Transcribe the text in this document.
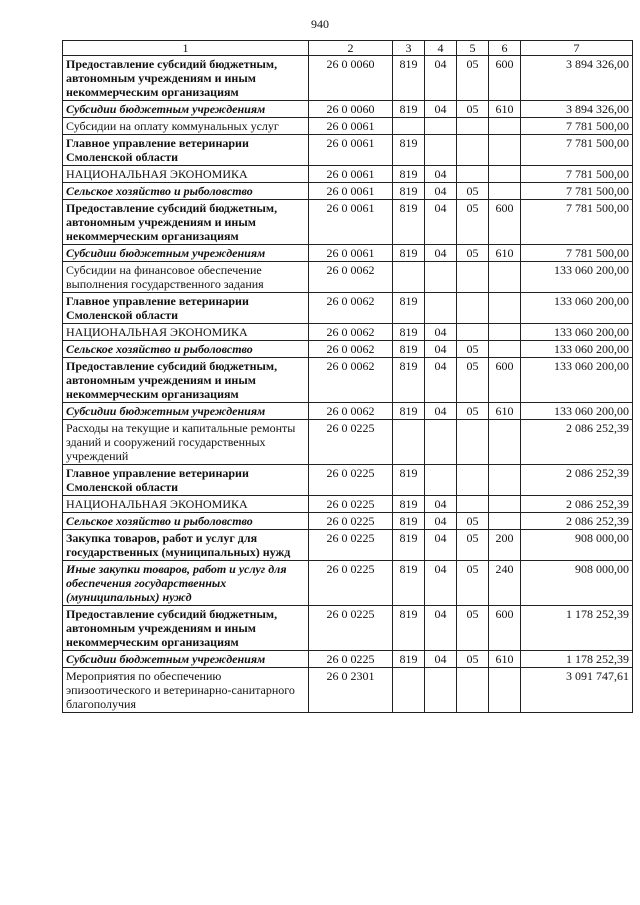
940
1	2	3	4	5	6	7
Предоставление субсидий бюджетным, автономным учреждениям и иным некоммерческим организациям	26 0 0060	819	04	05	600	3 894 326,00
Субсидии бюджетным учреждениям	26 0 0060	819	04	05	610	3 894 326,00
Субсидии на оплату коммунальных услуг	26 0 0061					7 781 500,00
Главное управление ветеринарии Смоленской области	26 0 0061	819				7 781 500,00
НАЦИОНАЛЬНАЯ ЭКОНОМИКА	26 0 0061	819	04			7 781 500,00
Сельское хозяйство и рыболовство	26 0 0061	819	04	05		7 781 500,00
Предоставление субсидий бюджетным, автономным учреждениям и иным некоммерческим организациям	26 0 0061	819	04	05	600	7 781 500,00
Субсидии бюджетным учреждениям	26 0 0061	819	04	05	610	7 781 500,00
Субсидии на финансовое обеспечение выполнения государственного задания	26 0 0062					133 060 200,00
Главное управление ветеринарии Смоленской области	26 0 0062	819				133 060 200,00
НАЦИОНАЛЬНАЯ ЭКОНОМИКА	26 0 0062	819	04			133 060 200,00
Сельское хозяйство и рыболовство	26 0 0062	819	04	05		133 060 200,00
Предоставление субсидий бюджетным, автономным учреждениям и иным некоммерческим организациям	26 0 0062	819	04	05	600	133 060 200,00
Субсидии бюджетным учреждениям	26 0 0062	819	04	05	610	133 060 200,00
Расходы на текущие и капитальные ремонты зданий и сооружений государственных учреждений	26 0 0225					2 086 252,39
Главное управление ветеринарии Смоленской области	26 0 0225	819				2 086 252,39
НАЦИОНАЛЬНАЯ ЭКОНОМИКА	26 0 0225	819	04			2 086 252,39
Сельское хозяйство и рыболовство	26 0 0225	819	04	05		2 086 252,39
Закупка товаров, работ и услуг для государственных (муниципальных) нужд	26 0 0225	819	04	05	200	908 000,00
Иные закупки товаров, работ и услуг для обеспечения государственных (муниципальных) нужд	26 0 0225	819	04	05	240	908 000,00
Предоставление субсидий бюджетным, автономным учреждениям и иным некоммерческим организациям	26 0 0225	819	04	05	600	1 178 252,39
Субсидии бюджетным учреждениям	26 0 0225	819	04	05	610	1 178 252,39
Мероприятия по обеспечению эпизоотического и ветеринарно-санитарного благополучия	26 0 2301					3 091 747,61
